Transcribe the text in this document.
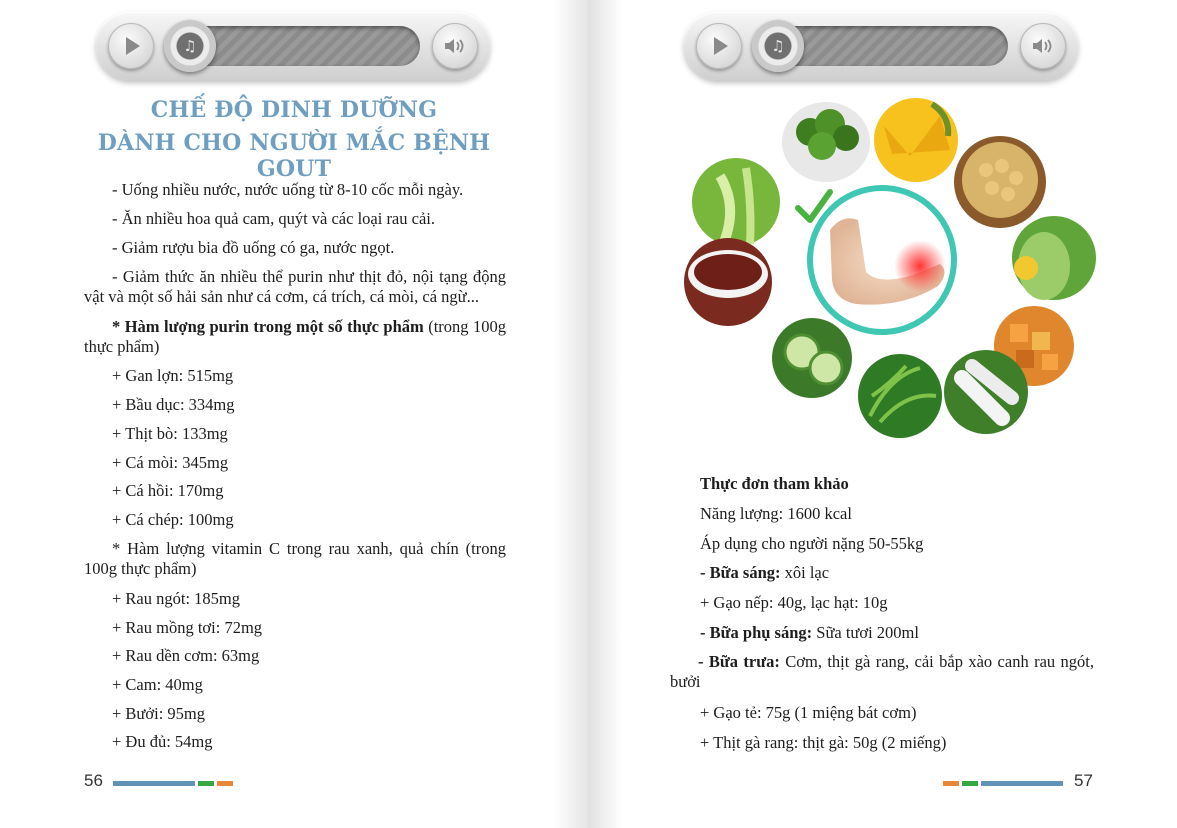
♫
CHẾ ĐỘ DINH DƯỠNG
DÀNH CHO NGƯỜI MẮC BỆNH GOUT
- Uống nhiều nước, nước uống từ 8-10 cốc mỗi ngày.
- Ăn nhiều hoa quả cam, quýt và các loại rau cải.
- Giảm rượu bia đồ uống có ga, nước ngọt.
- Giảm thức ăn nhiều thể purin như thịt đỏ, nội tạng động vật và một số hải sản như cá cơm, cá trích, cá mòi, cá ngừ...
* Hàm lượng purin trong một số thực phẩm (trong 100g thực phẩm)
+ Gan lợn: 515mg
+ Bầu dục: 334mg
+ Thịt bò: 133mg
+ Cá mòi: 345mg
+ Cá hồi: 170mg
+ Cá chép: 100mg
* Hàm lượng vitamin C trong rau xanh, quả chín (trong 100g thực phẩm)
+ Rau ngót: 185mg
+ Rau mồng tơi: 72mg
+ Rau dền cơm: 63mg
+ Cam: 40mg
+ Bưởi: 95mg
+ Đu đủ: 54mg
56
♫
Thực đơn tham khảo
Năng lượng: 1600 kcal
Áp dụng cho người nặng 50-55kg
- Bữa sáng: xôi lạc
+ Gạo nếp: 40g, lạc hạt: 10g
- Bữa phụ sáng: Sữa tươi 200ml
- Bữa trưa: Cơm, thịt gà rang, cải bắp xào canh rau ngót, bưởi
+ Gạo tẻ: 75g (1 miệng bát cơm)
+ Thịt gà rang: thịt gà: 50g (2 miếng)
57
